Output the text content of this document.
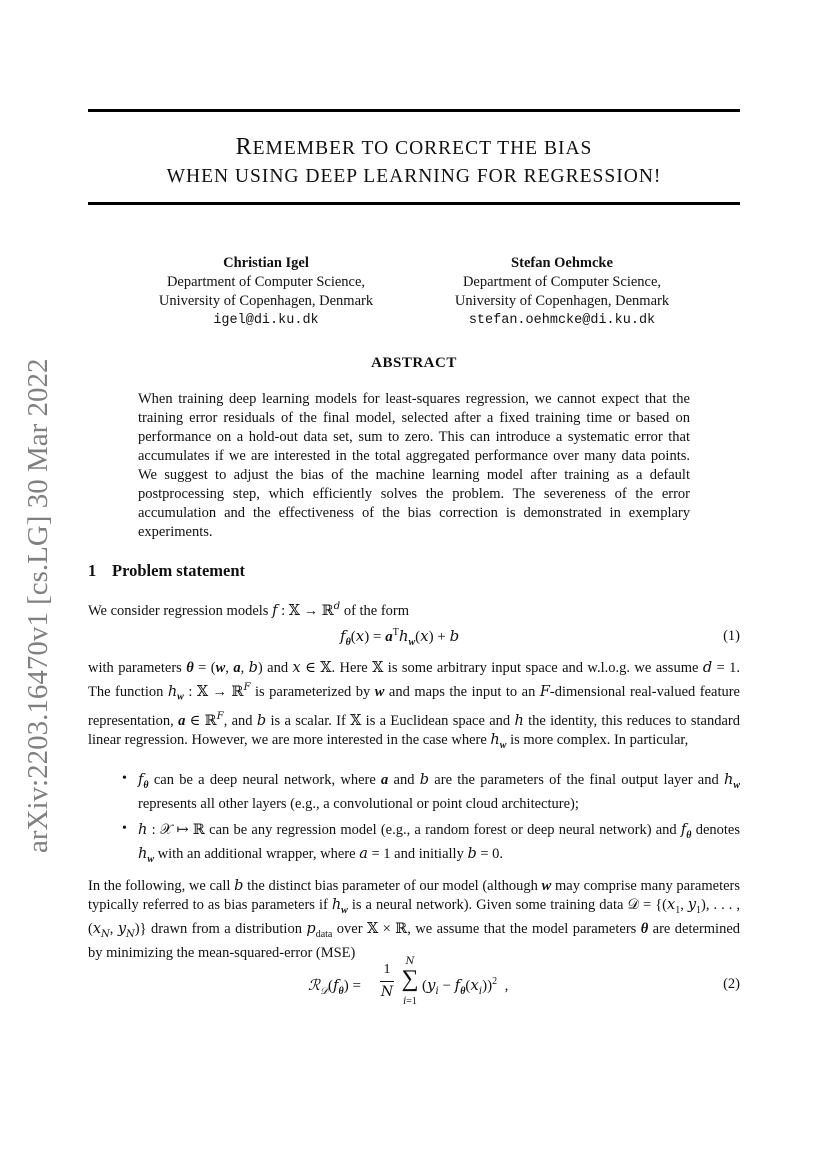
arXiv:2203.16470v1 [cs.LG] 30 Mar 2022
REMEMBER TO CORRECT THE BIAS
WHEN USING DEEP LEARNING FOR REGRESSION!
Christian Igel
Department of Computer Science,
University of Copenhagen, Denmark
igel@di.ku.dk
Stefan Oehmcke
Department of Computer Science,
University of Copenhagen, Denmark
stefan.oehmcke@di.ku.dk
ABSTRACT
When training deep learning models for least-squares regression, we cannot expect that the training error residuals of the final model, selected after a fixed training time or based on performance on a hold-out data set, sum to zero. This can introduce a systematic error that accumulates if we are interested in the total aggregated performance over many data points. We suggest to adjust the bias of the machine learning model after training as a default postprocessing step, which efficiently solves the problem. The severeness of the error accumulation and the effectiveness of the bias correction is demonstrated in exemplary experiments.
1 Problem statement
We consider regression models f : 𝕏 → ℝ$^d$ of the form
$f_\theta(x) = a^Th_w(x) + b$	(1)
with parameters θ = (w, a, b) and x ∈ 𝕏. Here 𝕏 is some arbitrary input space and w.l.o.g. we assume d = 1. The function $h_w$ : 𝕏 → ℝ$^F$ is parameterized by w and maps the input to an F-dimensional real-valued feature representation, a ∈ ℝ$^F$, and b is a scalar. If 𝕏 is a Euclidean space and h the identity, this reduces to standard linear regression. However, we are more interested in the case where $h_w$ is more complex. In particular,
• $f_\theta$ can be a deep neural network, where a and b are the parameters of the final output layer and $h_w$ represents all other layers (e.g., a convolutional or point cloud architecture);
• h : 𝒳 ↦ ℝ can be any regression model (e.g., a random forest or deep neural network) and $f_\theta$ denotes $h_w$ with an additional wrapper, where a = 1 and initially b = 0.
In the following, we call b the distinct bias parameter of our model (although w may comprise many parameters typically referred to as bias parameters if $h_w$ is a neural network). Given some training data 𝒟 = {($x_1$, $y_1$), . . . , ($x_N$, $y_N$)} drawn from a distribution $p_{data}$ over 𝕏 × ℝ, we assume that the model parameters θ are determined by minimizing the mean-squared-error (MSE)
$ℛ_𝒟(f_\theta)$ =
1
N
N
∑
i=1
$(y_i - f_\theta(x_i))^2$  ,	(2)
